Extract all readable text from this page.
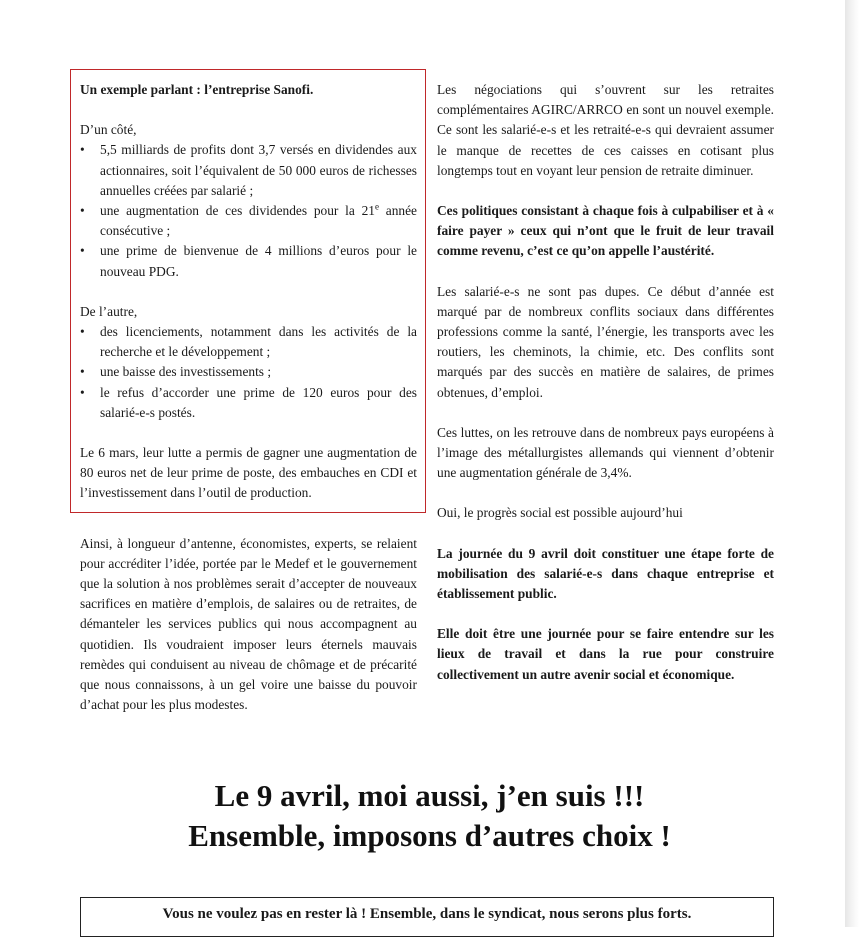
Un exemple parlant : l’entreprise Sanofi.

D’un côté,

• 5,5 milliards de profits dont 3,7 versés en dividendes aux actionnaires, soit l’équivalent de 50 000 euros de richesses annuelles créées par salarié ;
• une augmentation de ces dividendes pour la 21e année consécutive ;
• une prime de bienvenue de 4 millions d’euros pour le nouveau PDG.

De l’autre,

• des licenciements, notamment dans les activités de la recherche et le développement ;
• une baisse des investissements ;
• le refus d’accorder une prime de 120 euros pour des salarié-e-s postés.

Le 6 mars, leur lutte a permis de gagner une augmentation de 80 euros net de leur prime de poste, des embauches en CDI et l’investissement dans l’outil de production.

Ainsi, à longueur d’antenne, économistes, experts, se relaient pour accréditer l’idée, portée par le Medef et le gouvernement que la solution à nos problèmes serait d’accepter de nouveaux sacrifices en matière d’emplois, de salaires ou de retraites, de démanteler les services publics qui nous accompagnent au quotidien. Ils voudraient imposer leurs éternels mauvais remèdes qui conduisent au niveau de chômage et de précarité que nous connaissons, à un gel voire une baisse du pouvoir d’achat pour les plus modestes.

Les négociations qui s’ouvrent sur les retraites complémentaires AGIRC/ARRCO en sont un nouvel exemple. Ce sont les salarié-e-s et les retraité-e-s qui devraient assumer le manque de recettes de ces caisses en cotisant plus longtemps tout en voyant leur pension de retraite diminuer.

Ces politiques consistant à chaque fois à culpabiliser et à « faire payer » ceux qui n’ont que le fruit de leur travail comme revenu, c’est ce qu’on appelle l’austérité.

Les salarié-e-s ne sont pas dupes. Ce début d’année est marqué par de nombreux conflits sociaux dans différentes professions comme la santé, l’énergie, les transports avec les routiers, les cheminots, la chimie, etc. Des conflits sont marqués par des succès en matière de salaires, de primes obtenues, d’emploi.

Ces luttes, on les retrouve dans de nombreux pays européens à l’image des métallurgistes allemands qui viennent d’obtenir une augmentation générale de 3,4%.

Oui, le progrès social est possible aujourd’hui

La journée du 9 avril doit constituer une étape forte de mobilisation des salarié-e-s dans chaque entreprise et établissement public.

Elle doit être une journée pour se faire entendre sur les lieux de travail et dans la rue pour construire collectivement un autre avenir social et économique.

Le 9 avril, moi aussi, j’en suis !!!
Ensemble, imposons d’autres choix !
Vous ne voulez pas en rester là ! Ensemble, dans le syndicat, nous serons plus forts.
